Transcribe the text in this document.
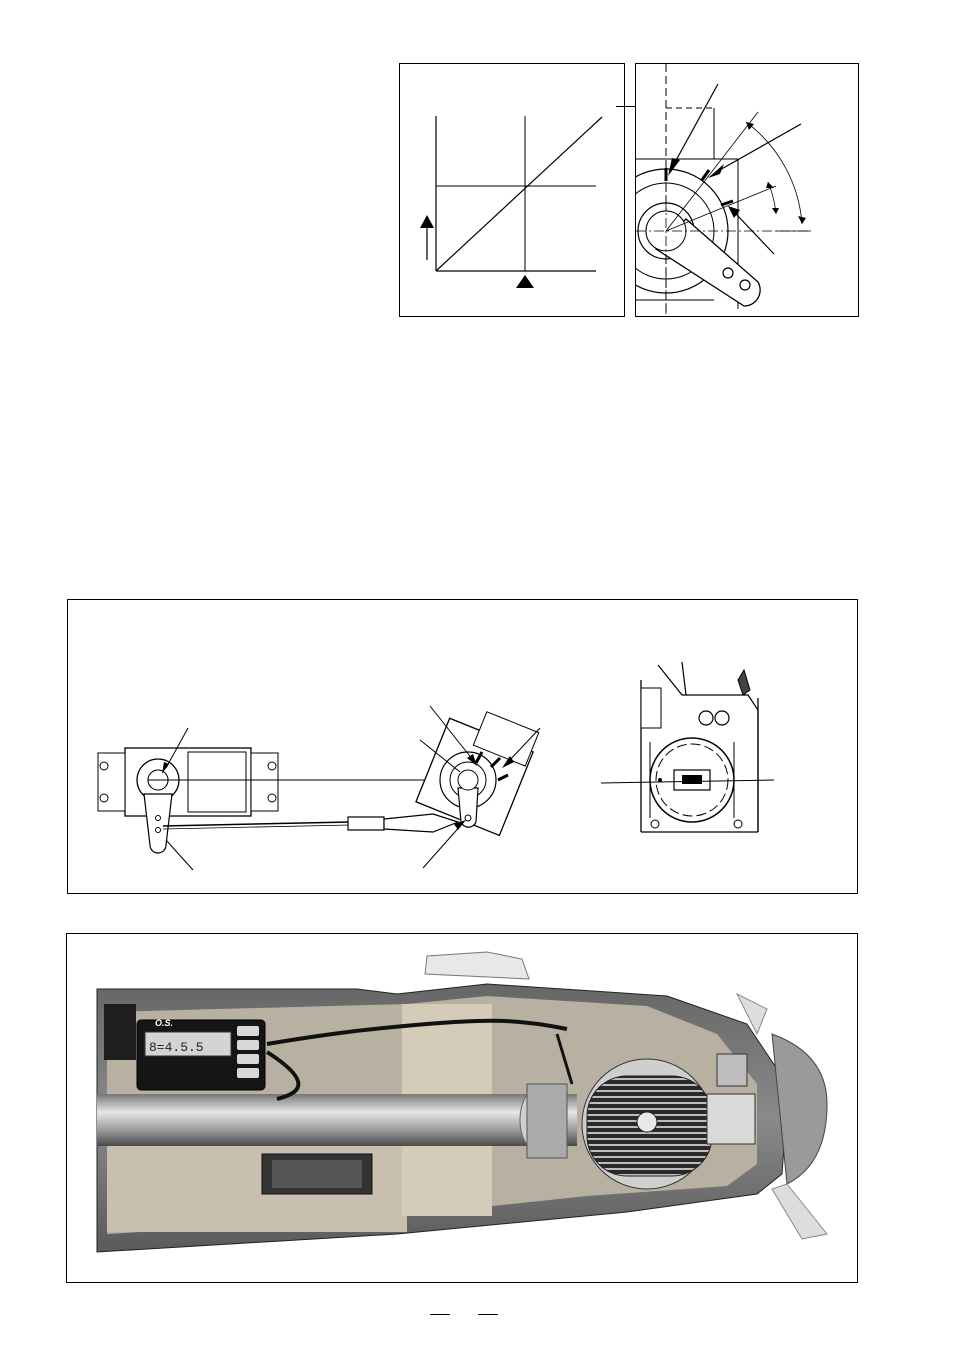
O.S.
8=4.5.5
